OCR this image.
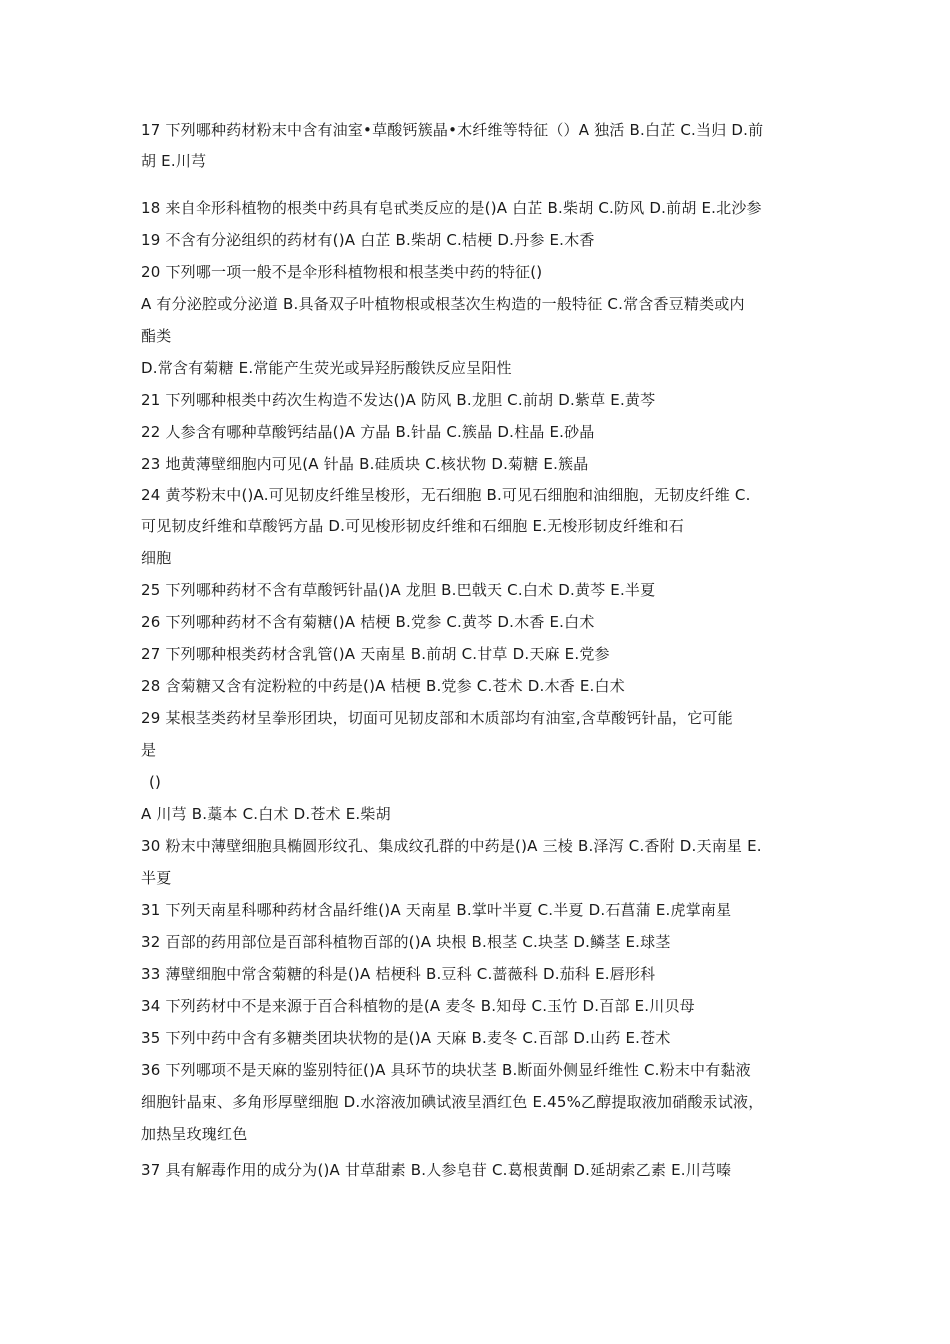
17 下列哪种药材粉末中含有油室•草酸钙簇晶•木纤维等特征（）A 独活 B.白芷 C.当归 D.前
胡 E.川芎
18 来自伞形科植物的根类中药具有皂甙类反应的是()A 白芷 B.柴胡 C.防风 D.前胡 E.北沙参
19 不含有分泌组织的药材有()A 白芷 B.柴胡 C.桔梗 D.丹参 E.木香
20 下列哪一项一般不是伞形科植物根和根茎类中药的特征()
A 有分泌腔或分泌道 B.具备双子叶植物根或根茎次生构造的一般特征 C.常含香豆精类或内
酯类
D.常含有菊糖 E.常能产生荧光或异羟肟酸铁反应呈阳性
21 下列哪种根类中药次生构造不发达()A 防风 B.龙胆 C.前胡 D.紫草 E.黄芩
22 人参含有哪种草酸钙结晶()A 方晶 B.针晶 C.簇晶 D.柱晶 E.砂晶
23 地黄薄壁细胞内可见(A 针晶 B.硅质块 C.核状物 D.菊糖 E.簇晶
24 黄芩粉末中()A.可见韧皮纤维呈梭形，无石细胞 B.可见石细胞和油细胞，无韧皮纤维 C.
可见韧皮纤维和草酸钙方晶 D.可见梭形韧皮纤维和石细胞 E.无梭形韧皮纤维和石
细胞
25 下列哪种药材不含有草酸钙针晶()A 龙胆 B.巴戟天 C.白术 D.黄芩 E.半夏
26 下列哪种药材不含有菊糖()A 桔梗 B.党参 C.黄芩 D.木香 E.白术
27 下列哪种根类药材含乳管()A 天南星 B.前胡 C.甘草 D.天麻 E.党参
28 含菊糖又含有淀粉粒的中药是()A 桔梗 B.党参 C.苍术 D.木香 E.白术
29 某根茎类药材呈拳形团块，切面可见韧皮部和木质部均有油室,含草酸钙针晶，它可能
是
()
A 川芎 B.藁本 C.白术 D.苍术 E.柴胡
30 粉末中薄壁细胞具椭圆形纹孔、集成纹孔群的中药是()A 三棱 B.泽泻 C.香附 D.天南星 E.
半夏
31 下列天南星科哪种药材含晶纤维()A 天南星 B.掌叶半夏 C.半夏 D.石菖蒲 E.虎掌南星
32 百部的药用部位是百部科植物百部的()A 块根 B.根茎 C.块茎 D.鳞茎 E.球茎
33 薄壁细胞中常含菊糖的科是()A 桔梗科 B.豆科 C.蔷薇科 D.茄科 E.唇形科
34 下列药材中不是来源于百合科植物的是(A 麦冬 B.知母 C.玉竹 D.百部 E.川贝母
35 下列中药中含有多糖类团块状物的是()A 天麻 B.麦冬 C.百部 D.山药 E.苍术
36 下列哪项不是天麻的鉴别特征()A 具环节的块状茎 B.断面外侧显纤维性 C.粉末中有黏液
细胞针晶束、多角形厚壁细胞 D.水溶液加碘试液呈酒红色 E.45%乙醇提取液加硝酸汞试液，
加热呈玫瑰红色
37 具有解毒作用的成分为()A 甘草甜素 B.人参皂苷 C.葛根黄酮 D.延胡索乙素 E.川芎嗪
